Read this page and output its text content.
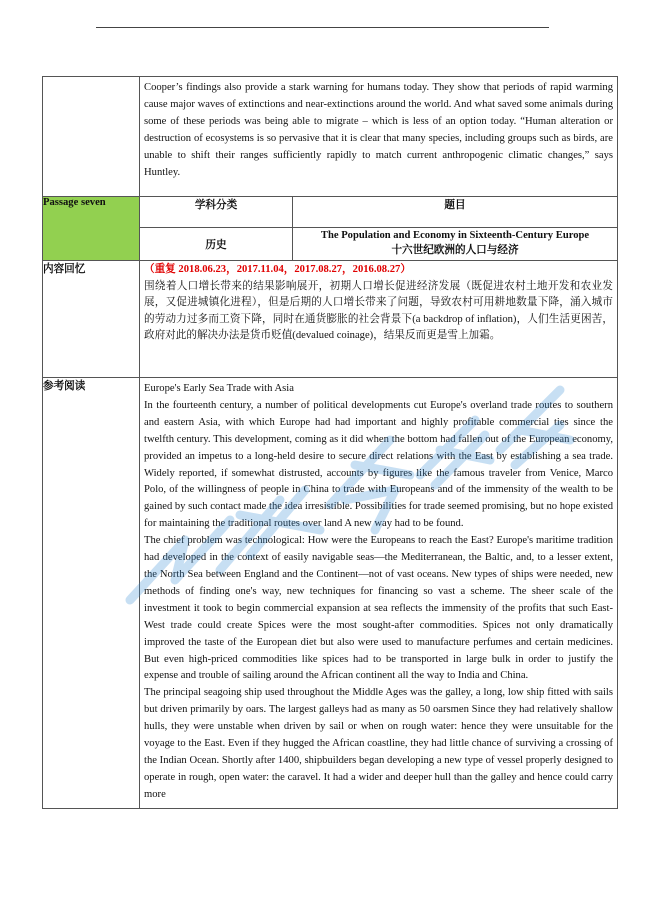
	Cooper’s findings also provide a stark warning for humans today. They show that periods of rapid warming cause major waves of extinctions and near-extinctions around the world. And what saved some animals during some of these periods was being able to migrate – which is less of an option today. “Human alteration or destruction of ecosystems is so pervasive that it is clear that many species, including groups such as birds, are unable to shift their ranges sufficiently rapidly to match current anthropogenic climatic changes,” says Huntley.	

Passage seven	学科分类	题目
	历史	The Population and Economy in Sixteenth-Century Europe
十六世纪欧洲的人口与经济

内容回忆	（重复 2018.06.23，2017.11.04，2017.08.27，2016.08.27）
围绕着人口增长带来的结果影响展开，初期人口增长促进经济发展（既促进农村土地开发和农业发展，又促进城镇化进程），但是后期的人口增长带来了问题，导致农村可用耕地数量下降，涌入城市的劳动力过多而工资下降，同时在通货膨胀的社会背景下(a backdrop of inflation)，人们生活更困苦，政府对此的解决办法是货币贬值(devalued coinage)，结果反而更是雪上加霜。	

参考阅读	Europe's Early Sea Trade with Asia

In the fourteenth century, a number of political developments cut Europe's overland trade routes to southern and eastern Asia, with which Europe had had important and highly profitable commercial ties since the twelfth century. This development, coming as it did when the bottom had fallen out of the European economy, provided an impetus to a long-held desire to secure direct relations with the East by establishing a sea trade. Widely reported, if somewhat distrusted, accounts by figures like the famous traveler from Venice, Marco Polo, of the willingness of people in China to trade with Europeans and of the immensity of the wealth to be gained by such contact made the idea irresistible. Possibilities for trade seemed promising, but no hope existed for maintaining the traditional routes over land A new way had to be found.

The chief problem was technological: How were the Europeans to reach the East? Europe's maritime tradition had developed in the context of easily navigable seas—the Mediterranean, the Baltic, and, to a lesser extent, the North Sea between England and the Continent—not of vast oceans. New types of ships were needed, new methods of finding one's way, new techniques for financing so vast a scheme. The sheer scale of the investment it took to begin commercial expansion at sea reflects the immensity of the profits that such East-West trade could create Spices were the most sought-after commodities. Spices not only dramatically improved the taste of the European diet but also were used to manufacture perfumes and certain medicines. But even high-priced commodities like spices had to be transported in large bulk in order to justify the expense and trouble of sailing around the African continent all the way to India and China.

The principal seagoing ship used throughout the Middle Ages was the galley, a long, low ship fitted with sails but driven primarily by oars. The largest galleys had as many as 50 oarsmen Since they had relatively shallow hulls, they were unstable when driven by sail or when on rough water: hence they were unsuitable for the voyage to the East. Even if they hugged the African coastline, they had little chance of surviving a crossing of the Indian Ocean. Shortly after 1400, shipbuilders began developing a new type of vessel properly designed to operate in rough, open water: the caravel. It had a wider and deeper hull than the galley and hence could carry more	
